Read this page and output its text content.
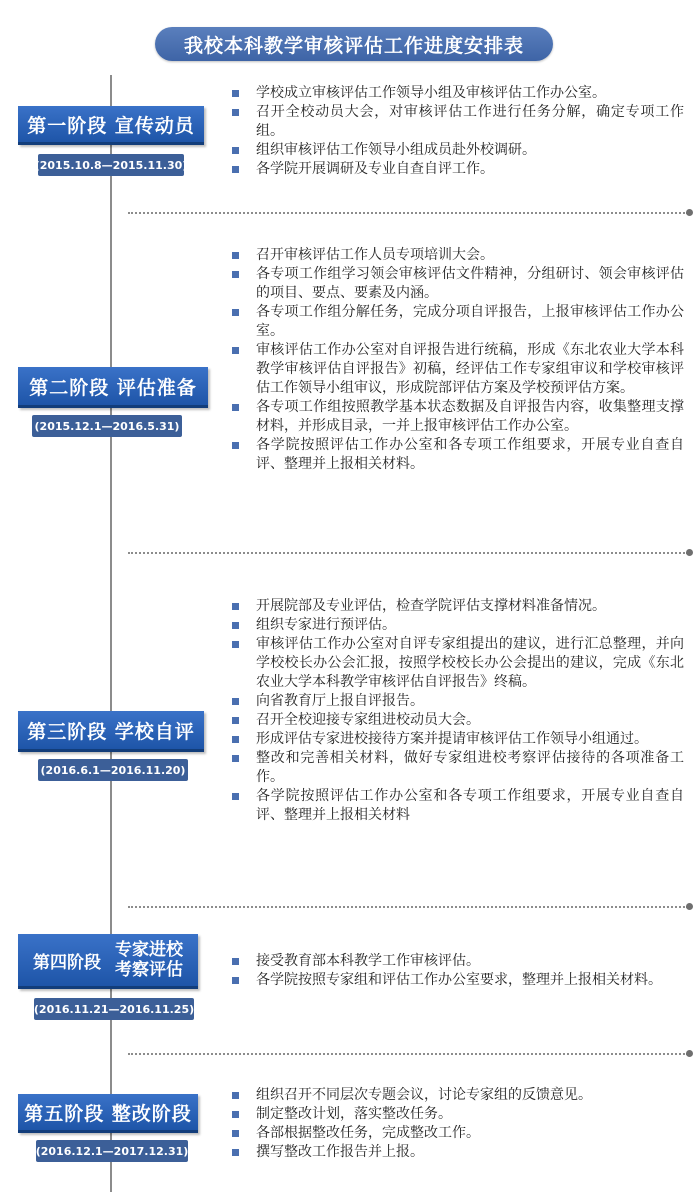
我校本科教学审核评估工作进度安排表
第一阶段 宣传动员
(2015.10.8—2015.11.30)
学校成立审核评估工作领导小组及审核评估工作办公室。
召开全校动员大会，对审核评估工作进行任务分解，确定专项工作组。
组织审核评估工作领导小组成员赴外校调研。
各学院开展调研及专业自查自评工作。
第二阶段 评估准备
(2015.12.1—2016.5.31)
召开审核评估工作人员专项培训大会。
各专项工作组学习领会审核评估文件精神，分组研讨、领会审核评估的项目、要点、要素及内涵。
各专项工作组分解任务，完成分项自评报告，上报审核评估工作办公室。
审核评估工作办公室对自评报告进行统稿，形成《东北农业大学本科教学审核评估自评报告》初稿，经评估工作专家组审议和学校审核评估工作领导小组审议，形成院部评估方案及学校预评估方案。
各专项工作组按照教学基本状态数据及自评报告内容，收集整理支撑材料，并形成目录，一并上报审核评估工作办公室。
各学院按照评估工作办公室和各专项工作组要求，开展专业自查自评、整理并上报相关材料。
第三阶段 学校自评
(2016.6.1—2016.11.20)
开展院部及专业评估，检查学院评估支撑材料准备情况。
组织专家进行预评估。
审核评估工作办公室对自评专家组提出的建议，进行汇总整理，并向学校校长办公会汇报，按照学校校长办公会提出的建议，完成《东北农业大学本科教学审核评估自评报告》终稿。
向省教育厅上报自评报告。
召开全校迎接专家组进校动员大会。
形成评估专家进校接待方案并提请审核评估工作领导小组通过。
整改和完善相关材料，做好专家组进校考察评估接待的各项准备工作。
各学院按照评估工作办公室和各专项工作组要求，开展专业自查自评、整理并上报相关材料
第四阶段
专家进校
考察评估
(2016.11.21—2016.11.25)
接受教育部本科教学工作审核评估。
各学院按照专家组和评估工作办公室要求，整理并上报相关材料。
第五阶段 整改阶段
(2016.12.1—2017.12.31)
组织召开不同层次专题会议，讨论专家组的反馈意见。
制定整改计划，落实整改任务。
各部根据整改任务，完成整改工作。
撰写整改工作报告并上报。
